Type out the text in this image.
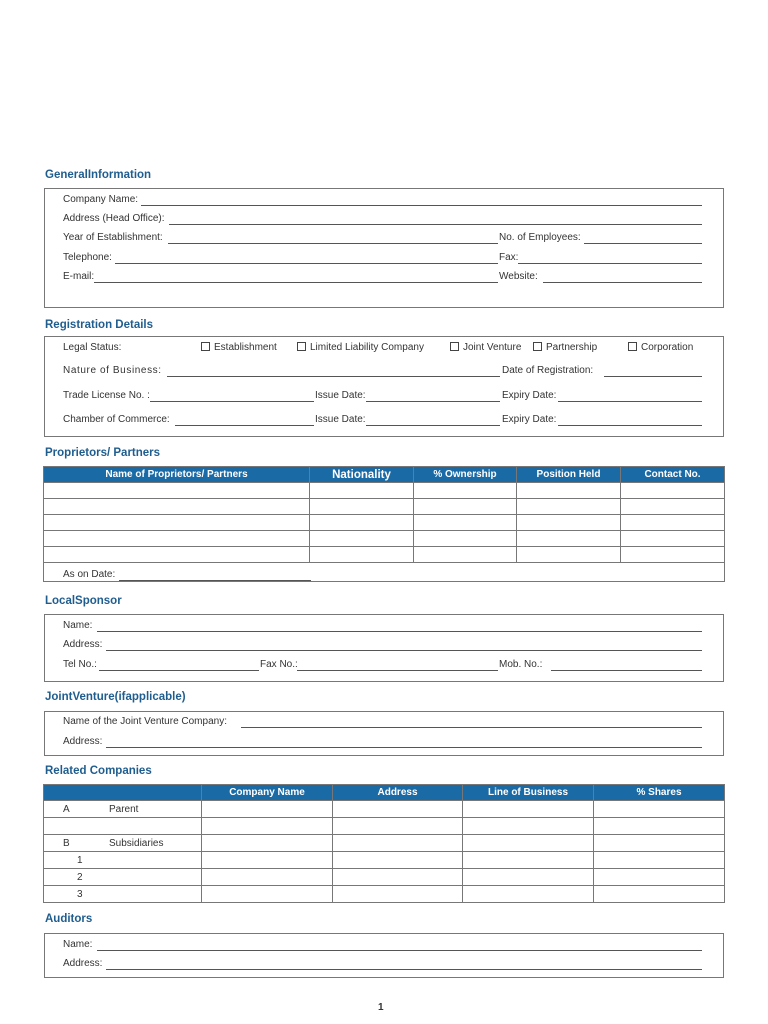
GeneralInformation
Company Name:
Address (Head Office):
Year of Establishment:	No. of Employees:
Telephone:	Fax:
E-mail:	Website:
Registration Details
Legal Status:	Establishment	Limited Liability Company	Joint Venture	Partnership	Corporation
Nature of Business:	Date of Registration:
Trade License No. :	Issue Date:	Expiry Date:
Chamber of Commerce:	Issue Date:	Expiry Date:
Proprietors/ Partners
Name of Proprietors/ Partners	Nationality	% Ownership	Position Held	Contact No.

As on Date:
LocalSponsor
Name:
Address:
Tel No.:	Fax No.:	Mob. No.:
JointVenture(ifapplicable)
Name of the Joint Venture Company:
Address:
Related Companies
	Company Name	Address	Line of Business	% Shares
A Parent				

B Subsidiaries				
1				
2				
3				
Auditors
Name:
Address:
1
